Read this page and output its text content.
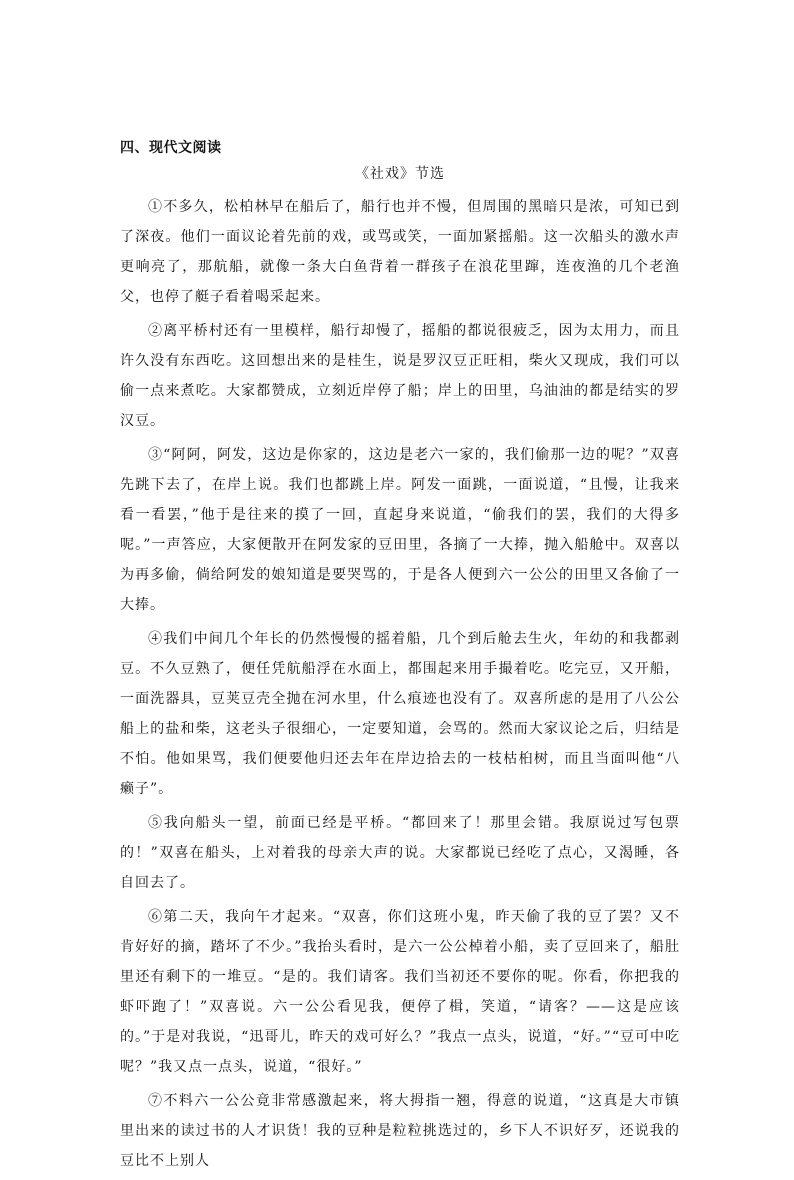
四、现代文阅读
《社戏》节选

①不多久，松柏林早在船后了，船行也并不慢，但周围的黑暗只是浓，可知已到了深夜。他们一面议论着先前的戏，或骂或笑，一面加紧摇船。这一次船头的激水声更响亮了，那航船，就像一条大白鱼背着一群孩子在浪花里蹿，连夜渔的几个老渔父，也停了艇子看着喝采起来。

②离平桥村还有一里模样，船行却慢了，摇船的都说很疲乏，因为太用力，而且许久没有东西吃。这回想出来的是桂生，说是罗汉豆正旺相，柴火又现成，我们可以偷一点来煮吃。大家都赞成，立刻近岸停了船；岸上的田里，乌油油的都是结实的罗汉豆。

③“阿阿，阿发，这边是你家的，这边是老六一家的，我们偷那一边的呢？”双喜先跳下去了，在岸上说。我们也都跳上岸。阿发一面跳，一面说道，“且慢，让我来看一看罢，”他于是往来的摸了一回，直起身来说道，“偷我们的罢，我们的大得多呢。”一声答应，大家便散开在阿发家的豆田里，各摘了一大捧，抛入船舱中。双喜以为再多偷，倘给阿发的娘知道是要哭骂的，于是各人便到六一公公的田里又各偷了一大捧。

④我们中间几个年长的仍然慢慢的摇着船，几个到后舱去生火，年幼的和我都剥豆。不久豆熟了，便任凭航船浮在水面上，都围起来用手撮着吃。吃完豆，又开船，一面洗器具，豆荚豆壳全抛在河水里，什么痕迹也没有了。双喜所虑的是用了八公公船上的盐和柴，这老头子很细心，一定要知道，会骂的。然而大家议论之后，归结是不怕。他如果骂，我们便要他归还去年在岸边拾去的一枝枯桕树，而且当面叫他“八癞子”。

⑤我向船头一望，前面已经是平桥。“都回来了！那里会错。我原说过写包票的！”双喜在船头，上对着我的母亲大声的说。大家都说已经吃了点心，又渴睡，各自回去了。

⑥第二天，我向午才起来。“双喜，你们这班小鬼，昨天偷了我的豆了罢？又不肯好好的摘，踏坏了不少。”我抬头看时，是六一公公棹着小船，卖了豆回来了，船肚里还有剩下的一堆豆。“是的。我们请客。我们当初还不要你的呢。你看，你把我的虾吓跑了！”双喜说。六一公公看见我，便停了楫，笑道，“请客？——这是应该的。”于是对我说，“迅哥儿，昨天的戏可好么？”我点一点头，说道，“好。”“豆可中吃呢？”我又点一点头，说道，“很好。”

⑦不料六一公公竟非常感激起来，将大拇指一翘，得意的说道，“这真是大市镇里出来的读过书的人才识货！我的豆种是粒粒挑选过的，乡下人不识好歹，还说我的豆比不上别人
